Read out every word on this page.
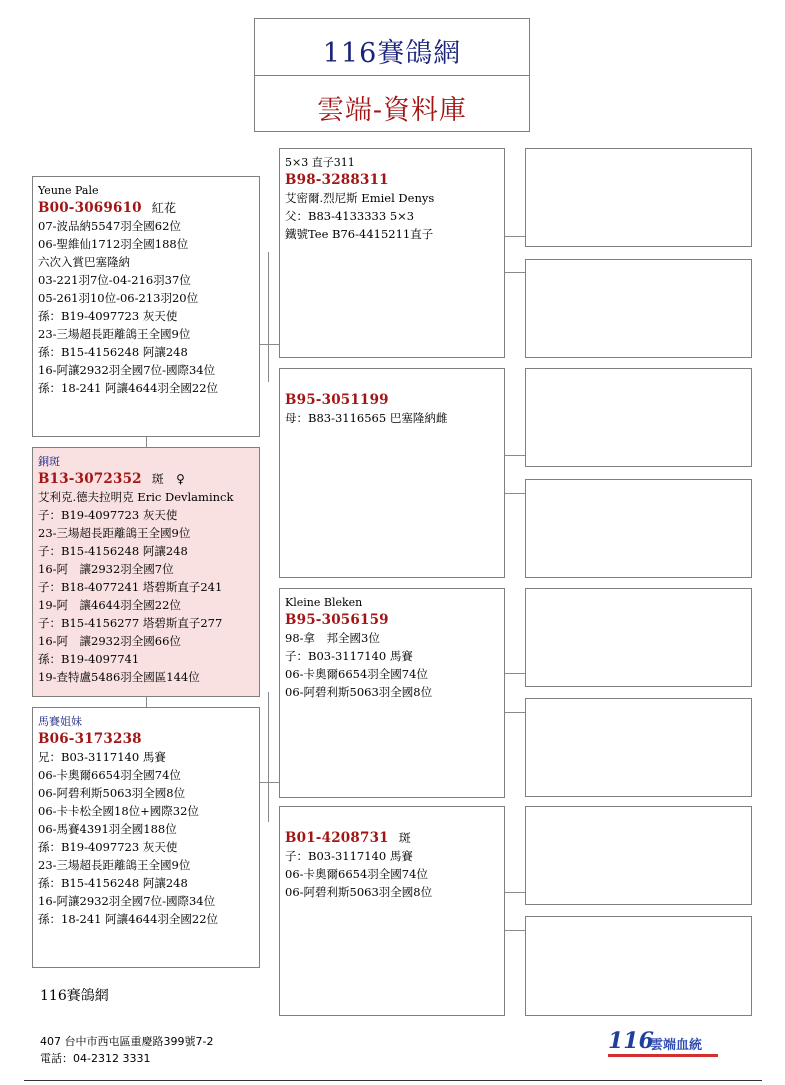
116賽鴿網
雲端-資料庫
Yeune Pale
B00-3069610 紅花
07-波品納5547羽全國62位
06-聖維仙1712羽全國188位
六次入賞巴塞隆納
03-221羽7位-04-216羽37位
05-261羽10位-06-213羽20位
孫：B19-4097723 灰天使
23-三場超長距離鴿王全國9位
孫：B15-4156248 阿讓248
16-阿讓2932羽全國7位-國際34位
孫：18-241 阿讓4644羽全國22位
銅斑
B13-3072352 斑　♀
艾利克.德夫拉明克 Eric Devlaminck
子：B19-4097723 灰天使
23-三場超長距離鴿王全國9位
子：B15-4156248 阿讓248
16-阿　讓2932羽全國7位
子：B18-4077241 塔碧斯直子241
19-阿　讓4644羽全國22位
子：B15-4156277 塔碧斯直子277
16-阿　讓2932羽全國66位
孫：B19-4097741
19-查特盧5486羽全國區144位
馬賽姐妹
B06-3173238
兄：B03-3117140 馬賽
06-卡奧爾6654羽全國74位
06-阿碧利斯5063羽全國8位
06-卡卡松全國18位+國際32位
06-馬賽4391羽全國188位
孫：B19-4097723 灰天使
23-三場超長距離鴿王全國9位
孫：B15-4156248 阿讓248
16-阿讓2932羽全國7位-國際34位
孫：18-241 阿讓4644羽全國22位
5×3 直子311
B98-3288311
艾密爾.烈尼斯 Emiel Denys
父：B83-4133333 5×3
鐵號Tee B76-4415211直子
B95-3051199
母：B83-3116565 巴塞隆納雌
Kleine Bleken
B95-3056159
98-拿　邦全國3位
子：B03-3117140 馬賽
06-卡奧爾6654羽全國74位
06-阿碧利斯5063羽全國8位
B01-4208731 斑
子：B03-3117140 馬賽
06-卡奧爾6654羽全國74位
06-阿碧利斯5063羽全國8位
116賽鴿網
407 台中市西屯區重慶路399號7-2
電話：04-2312 3331
116
雲端血統
